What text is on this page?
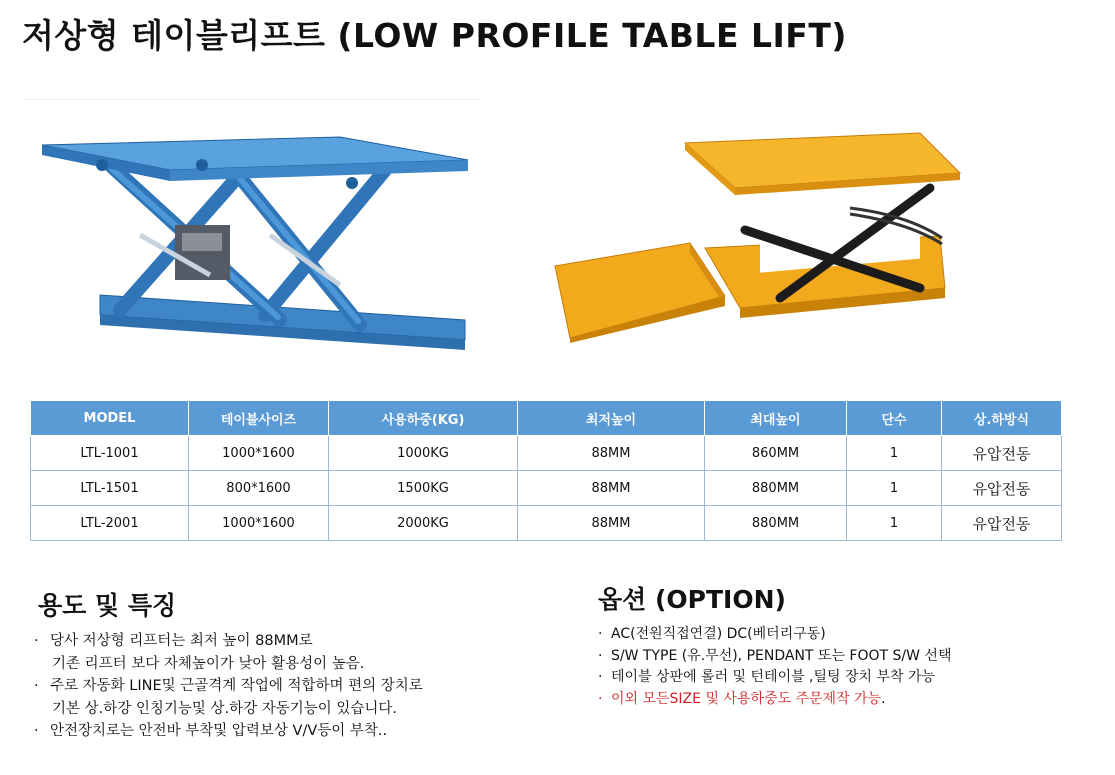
저상형 테이블리프트 (LOW PROFILE TABLE LIFT)
MODEL	테이블사이즈	사용하중(KG)	최저높이	최대높이	단수	상.하방식
LTL-1001	1000*1600	1000KG	88MM	860MM	1	유압전동
LTL-1501	800*1600	1500KG	88MM	880MM	1	유압전동
LTL-2001	1000*1600	2000KG	88MM	880MM	1	유압전동
용도 및 특징
· 당사 저상형 리프터는 최저 높이 88MM로
기존 리프터 보다 자체높이가 낮아 활용성이 높음.
· 주로 자동화 LINE및 근골격계 작업에 적합하며 편의 장치로
기본 상.하강 인칭기능및 상.하강 자동기능이 있습니다.
· 안전장치로는 안전바 부착및 압력보상 V/V등이 부착..
옵션 (OPTION)
· AC(전원직접연결) DC(베터리구동)
· S/W TYPE (유.무선), PENDANT 또는 FOOT S/W 선택
· 테이블 상판에 롤러 및 턴테이블 ,틸팅 장치 부착 가능
· 이외 모든SIZE 및 사용하중도 주문제작 가능.
